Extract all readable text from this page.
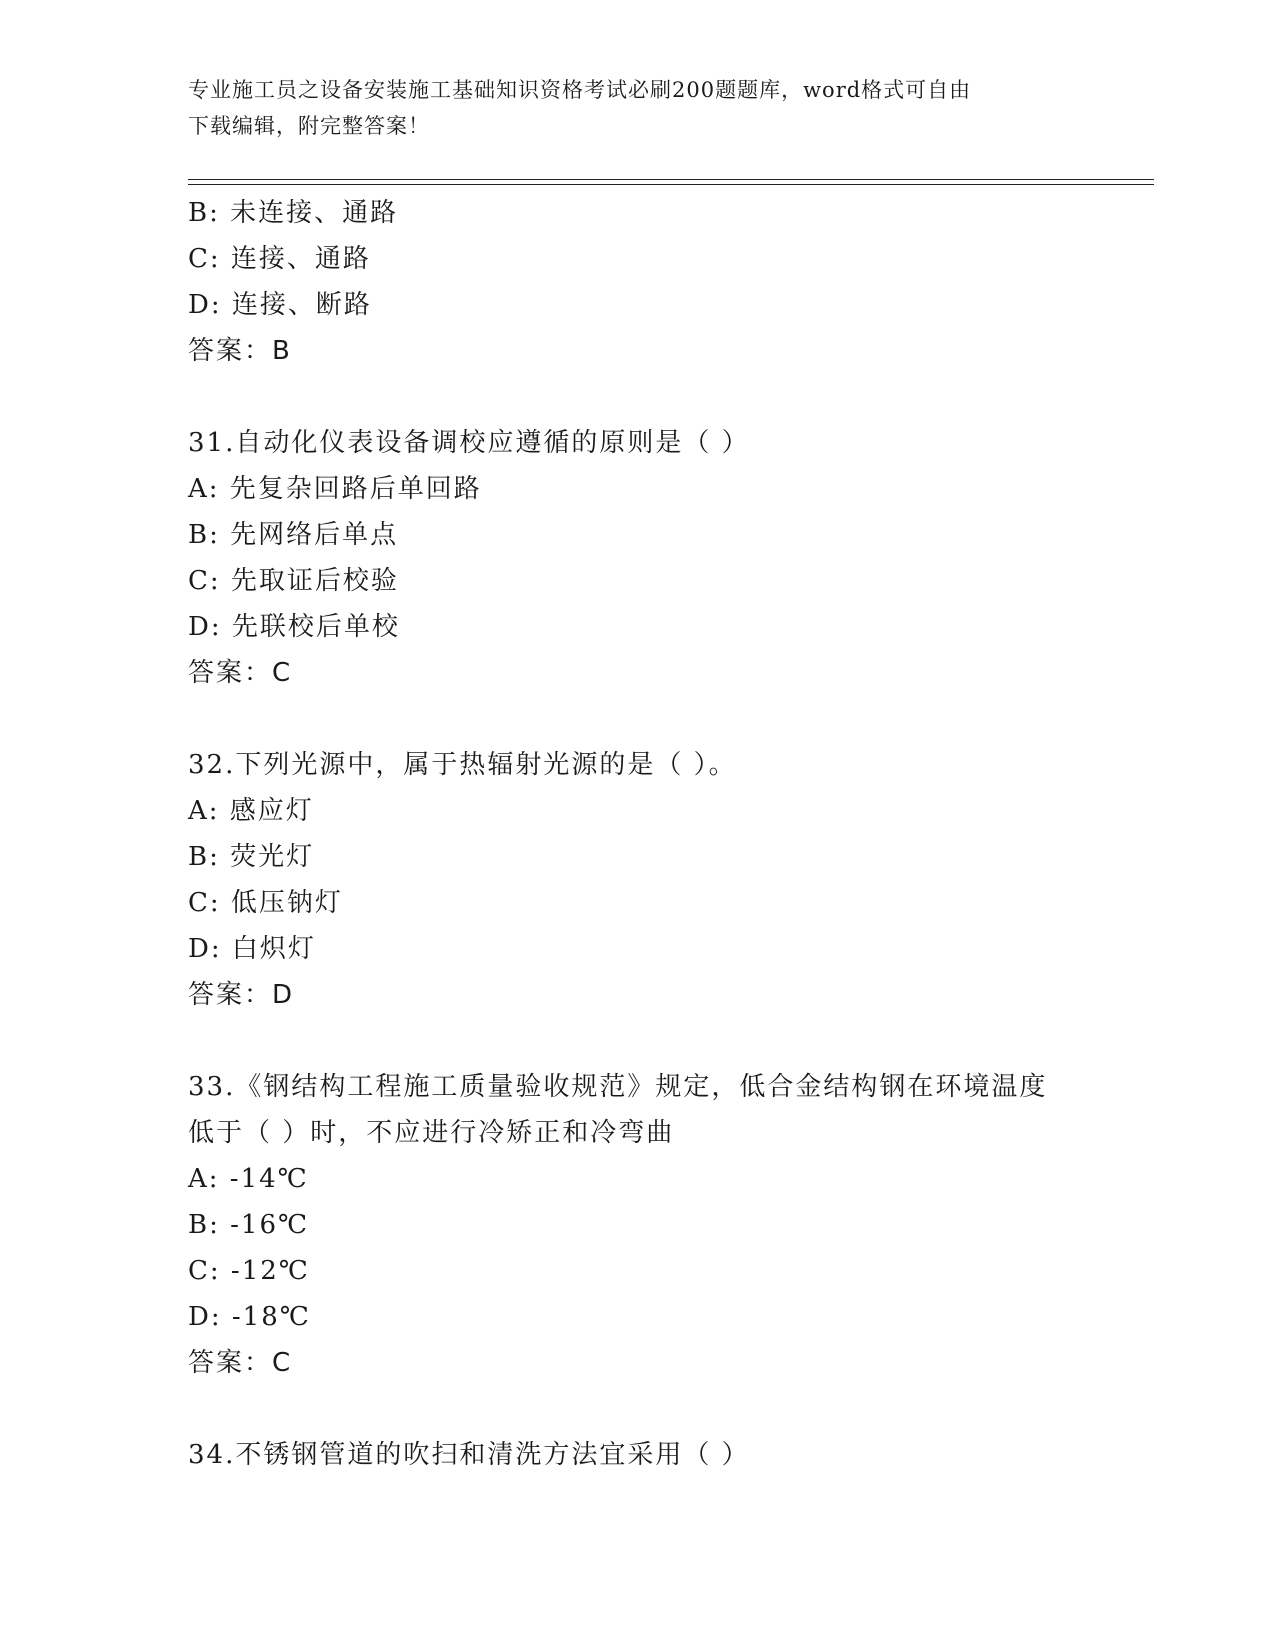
专业施工员之设备安装施工基础知识资格考试必刷200题题库，word格式可自由
下载编辑，附完整答案！
B: 未连接、通路
C: 连接、通路
D: 连接、断路
答案：B
31.自动化仪表设备调校应遵循的原则是（ ）
A: 先复杂回路后单回路
B: 先网络后单点
C: 先取证后校验
D: 先联校后单校
答案：C
32.下列光源中，属于热辐射光源的是（ ）。
A: 感应灯
B: 荧光灯
C: 低压钠灯
D: 白炽灯
答案：D
33.《钢结构工程施工质量验收规范》规定，低合金结构钢在环境温度
低于（ ）时，不应进行冷矫正和冷弯曲
A: -14℃
B: -16℃
C: -12℃
D: -18℃
答案：C
34.不锈钢管道的吹扫和清洗方法宜采用（ ）
